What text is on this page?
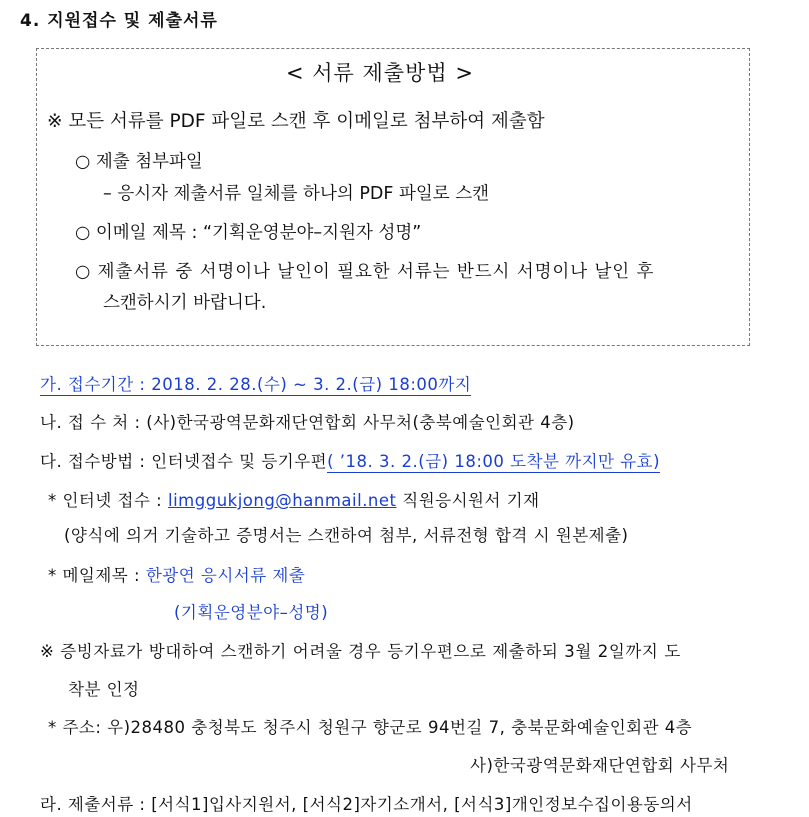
4. 지원접수 및 제출서류
< 서류 제출방법 >
※ 모든 서류를 PDF 파일로 스캔 후 이메일로 첨부하여 제출함
○ 제출 첨부파일
– 응시자 제출서류 일체를 하나의 PDF 파일로 스캔
○ 이메일 제목 : “기획운영분야–지원자 성명”
○ 제출서류 중 서명이나 날인이 필요한 서류는 반드시 서명이나 날인 후
스캔하시기 바랍니다.
가. 접수기간 : 2018. 2. 28.(수) ~ 3. 2.(금) 18:00까지
나. 접 수 처 : (사)한국광역문화재단연합회 사무처(충북예술인회관 4층)
다. 접수방법 : 인터넷접수 및 등기우편( ’18. 3. 2.(금) 18:00 도착분 까지만 유효)
* 인터넷 접수 : limggukjong@hanmail.net 직원응시원서 기재
(양식에 의거 기술하고 증명서는 스캔하여 첨부, 서류전형 합격 시 원본제출)
* 메일제목 : 한광연 응시서류 제출
(기획운영분야–성명)
※ 증빙자료가 방대하여 스캔하기 어려울 경우 등기우편으로 제출하되 3월 2일까지 도
착분 인정
* 주소: 우)28480 충청북도 청주시 청원구 향군로 94번길 7, 충북문화예술인회관 4층
사)한국광역문화재단연합회 사무처
라. 제출서류 : [서식1]입사지원서, [서식2]자기소개서, [서식3]개인정보수집이용동의서
